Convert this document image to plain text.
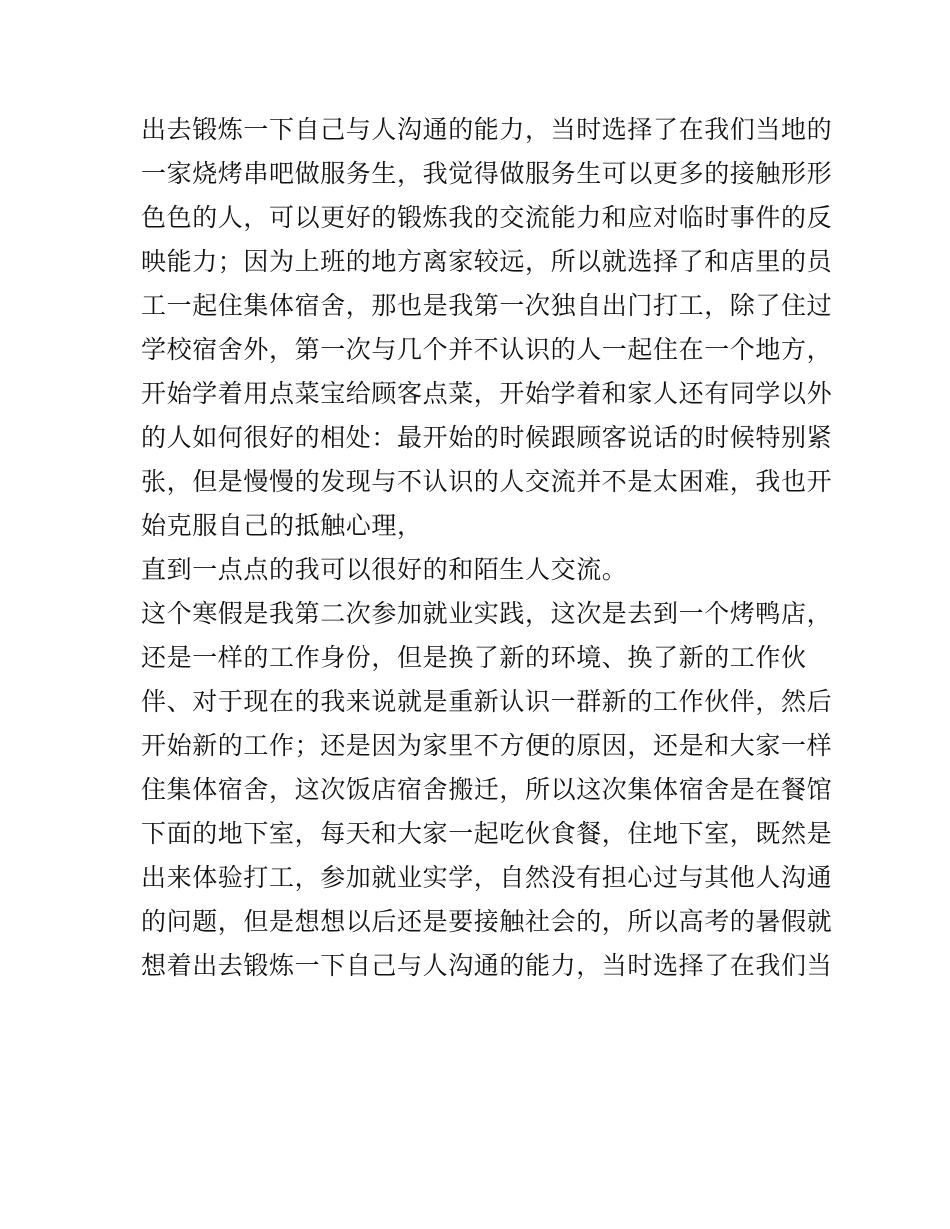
出去锻炼一下自己与人沟通的能力，当时选择了在我们当地的
一家烧烤串吧做服务生，我觉得做服务生可以更多的接触形形
色色的人，可以更好的锻炼我的交流能力和应对临时事件的反
映能力；因为上班的地方离家较远，所以就选择了和店里的员
工一起住集体宿舍，那也是我第一次独自出门打工，除了住过
学校宿舍外，第一次与几个并不认识的人一起住在一个地方，
开始学着用点菜宝给顾客点菜，开始学着和家人还有同学以外
的人如何很好的相处：最开始的时候跟顾客说话的时候特别紧
张，但是慢慢的发现与不认识的人交流并不是太困难，我也开
始克服自己的抵触心理，
直到一点点的我可以很好的和陌生人交流。
这个寒假是我第二次参加就业实践，这次是去到一个烤鸭店，
还是一样的工作身份，但是换了新的环境、换了新的工作伙
伴、对于现在的我来说就是重新认识一群新的工作伙伴，然后
开始新的工作；还是因为家里不方便的原因，还是和大家一样
住集体宿舍，这次饭店宿舍搬迁，所以这次集体宿舍是在餐馆
下面的地下室，每天和大家一起吃伙食餐，住地下室，既然是
出来体验打工，参加就业实学，自然没有担心过与其他人沟通
的问题，但是想想以后还是要接触社会的，所以高考的暑假就
想着出去锻炼一下自己与人沟通的能力，当时选择了在我们当
